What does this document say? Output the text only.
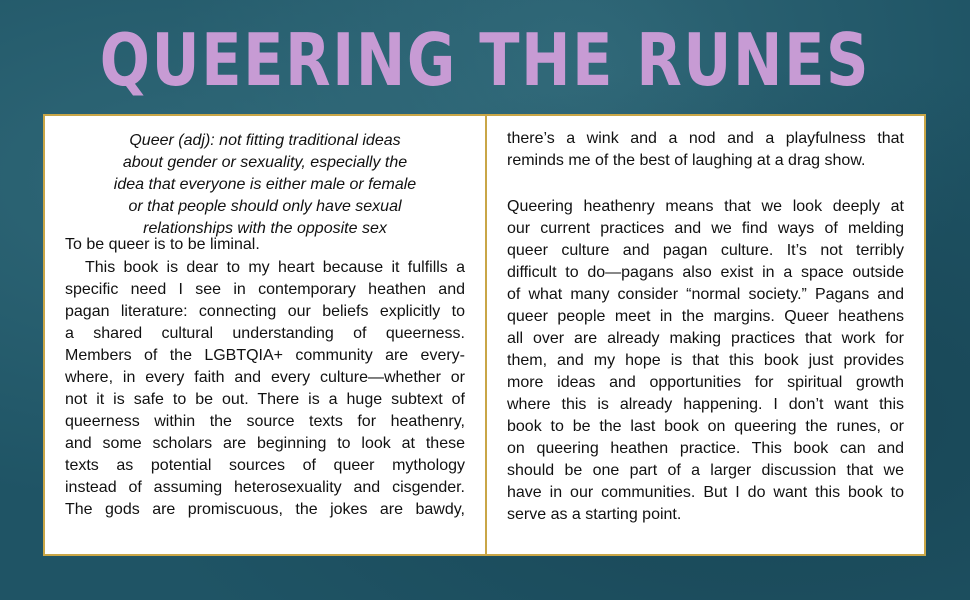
QUEERING THE RUNES
Queer (adj): not fitting traditional ideas
about gender or sexuality, especially the
idea that everyone is either male or female
or that people should only have sexual
relationships with the opposite sex
To be queer is to be liminal.
This book is dear to my heart because it fulfills a
specific need I see in contemporary heathen and
pagan literature: connecting our beliefs explicitly to
a shared cultural understanding of queerness.
Members of the LGBTQIA+ community are every-
where, in every faith and every culture—whether or
not it is safe to be out. There is a huge subtext of
queerness within the source texts for heathenry,
and some scholars are beginning to look at these
texts as potential sources of queer mythology
instead of assuming heterosexuality and cisgender.
The gods are promiscuous, the jokes are bawdy,
there’s a wink and a nod and a playfulness that
reminds me of the best of laughing at a drag show.
Queering heathenry means that we look deeply at
our current practices and we find ways of melding
queer culture and pagan culture. It’s not terribly
difficult to do—pagans also exist in a space outside
of what many consider “normal society.” Pagans and
queer people meet in the margins. Queer heathens
all over are already making practices that work for
them, and my hope is that this book just provides
more ideas and opportunities for spiritual growth
where this is already happening. I don’t want this
book to be the last book on queering the runes, or
on queering heathen practice. This book can and
should be one part of a larger discussion that we
have in our communities. But I do want this book to
serve as a starting point.
